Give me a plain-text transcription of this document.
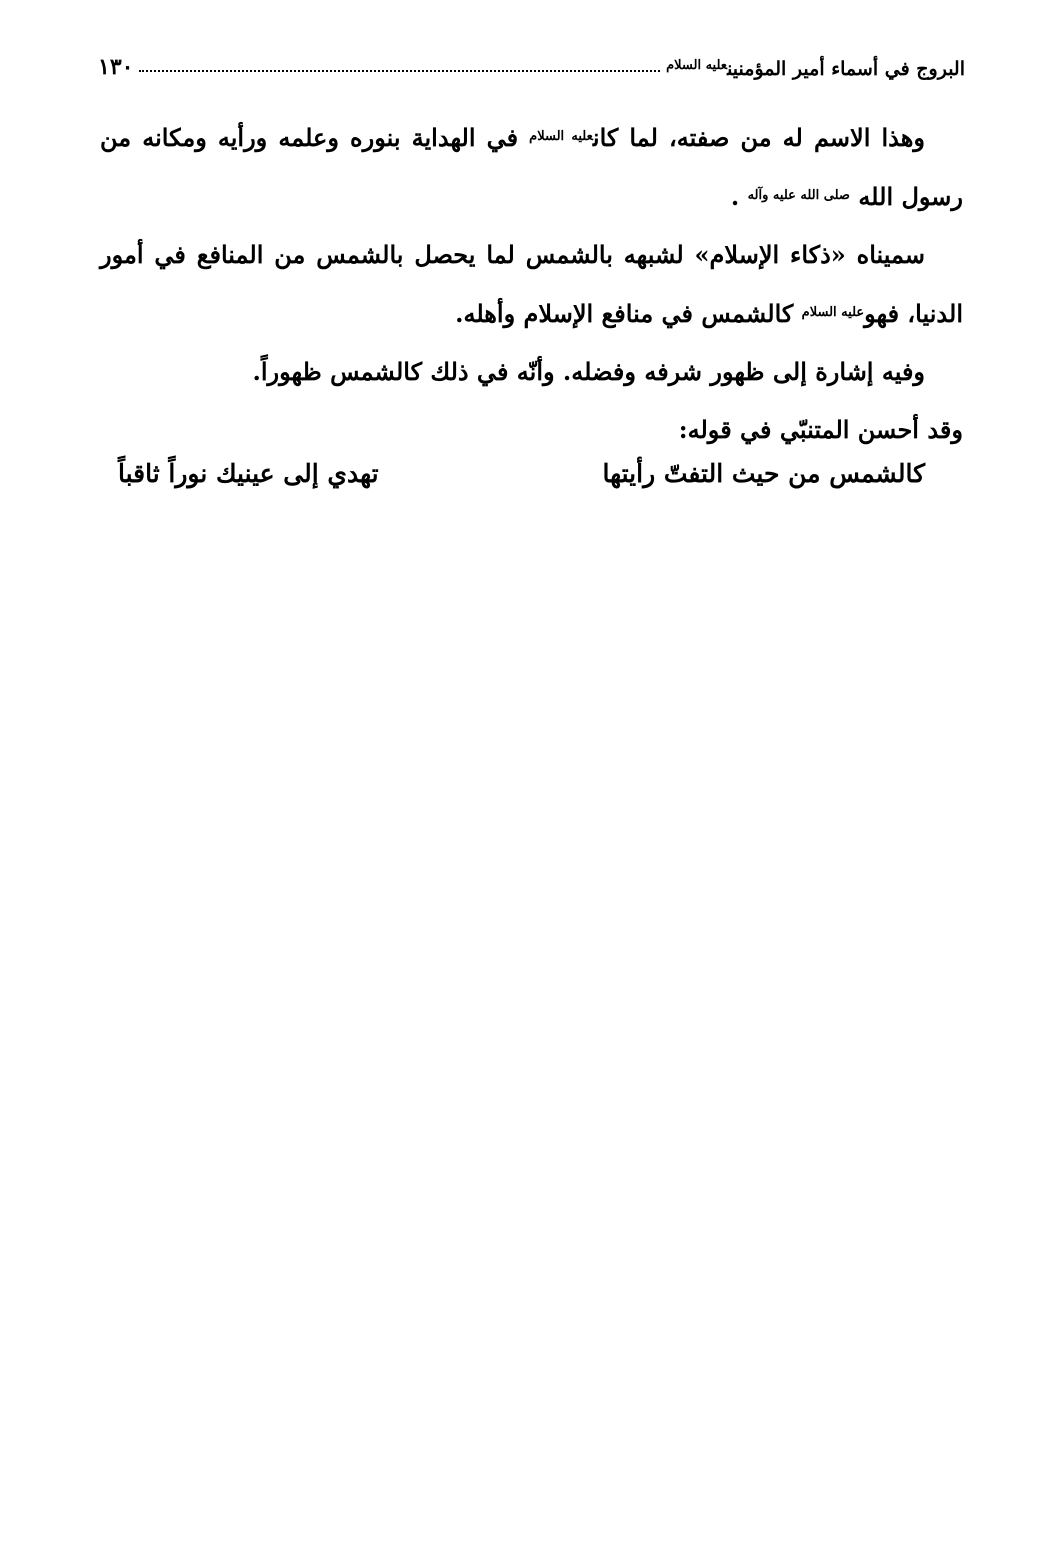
البروج في أسماء أمير المؤمنين$^{عليه السلام}$
١٣٠

وهذا الاسم له من صفته، لما كان$^{عليه السلام}$ في الهداية بنوره وعلمه ورأيه ومكانه من رسول الله $^{صلى الله عليه وآله}$ .

سميناه «ذكاء الإسلام» لشبهه بالشمس لما يحصل بالشمس من المنافع في أمور الدنيا، فهو$^{عليه السلام}$ كالشمس في منافع الإسلام وأهله.

وفيه إشارة إلى ظهور شرفه وفضله. وأنّه في ذلك كالشمس ظهوراً.

وقد أحسن المتنبّي في قوله:

كالشمس من حيث التفتّ رأيتها
تهدي إلى عينيك نوراً ثاقباً
